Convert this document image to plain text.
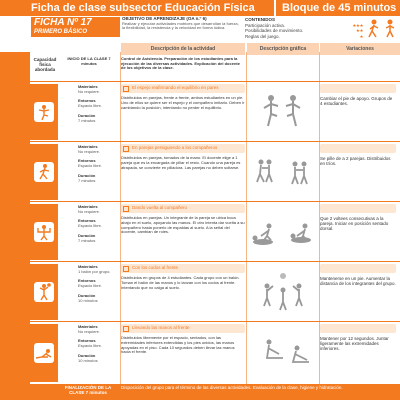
Ficha de clase subsector Educación Física	Bloque de 45 minutos
FICHA Nº 17
PRIMERO BÁSICO
OBJETIVO DE APRENDIZAJE (OA n.º 6)
Realizar y ejecutar actividades motrices que desarrollan la fuerza, la flexibilidad, la resistencia y la velocidad en forma lúdica.
CONTENIDOS
Participación activa.	★★★
Posibilidades de movimiento.	★★
Reglas del juego.	★
Descripción de la actividad	Descripción gráfica	Variaciones
Capacidad física abordada
INICIO DE LA CLASE 7 minutos
Control de Asistencia. Preparación de los estudiantes para la ejecución de las diversas actividades. Explicación del docente de los objetivos de la clase.
Materiales
No requiere.

Entornos
Espacio libre.

Duración
7 minutos
El espejo reafirmando el equilibrio en pares
Distribuidos en parejas, frente a frente, ambos estudiantes en un pie. Uno de ellos se quiere ser el espejo y el compañero imitarlo. Deben ir cambiando la posición, intentando no perder el equilibrio.
Cambiar el pie de apoyo. Grupos de 4 estudiantes.
Materiales
No requiere.

Entornos
Espacio libre.

Duración
7 minutos
En parejas persiguiendo a los compañeros
Distribuidos en parejas, tomados de la mano. El docente elige a 1 pareja que es la encargada de pillar el resto. Cuando una pareja es atrapada, se convierte en pilladora. Las parejas no deben soltarse.
Se pille de a 2 parejas. Distribuidos en tríos.
Materiales
No requiere.

Entornos
Espacio libre.

Duración
7 minutos
Dando vuelta al compañero
Distribuidos en parejas. Un integrante de la pareja se ubica boca abajo en el suelo, apoyando las manos. El otro intenta dar vuelta a su compañero hasta ponerlo de espaldas al suelo. A la señal del docente, cambian de roles.
Que 2 voltees consecutivas a la pareja. Iniciar en posición sentado dorsal.
Materiales
1 balón por grupo.

Entornos
Espacio libre.

Duración
10 minutos
Con los codos al frente
Distribuidos en grupos de 4 estudiantes. Cada grupo con un balón. Toman el balón de las manos y lo lanzan con los codos al frente. Intentando que no caiga al suelo.
Mantenerse en un pie. Aumentar la distancia de los integrantes del grupo.
Materiales
No requiere.

Entornos
Espacio libre.

Duración
10 minutos
Llevando las manos al frente
Distribuidos libremente por el espacio, sentados, con las extremidades inferiores extendidas y los pies unidos, las manos apoyadas en el piso. Cada 10 segundos deben llevar las manos hacia el frente.
Mantener por 12 segundos. Juntar ligeramente las extremidades inferiores.
FINALIZACIÓN DE LA CLASE 7 minutos
Disposición del grupo para el término de las diversas actividades. Evaluación de la clase, higiene y hidratación.
